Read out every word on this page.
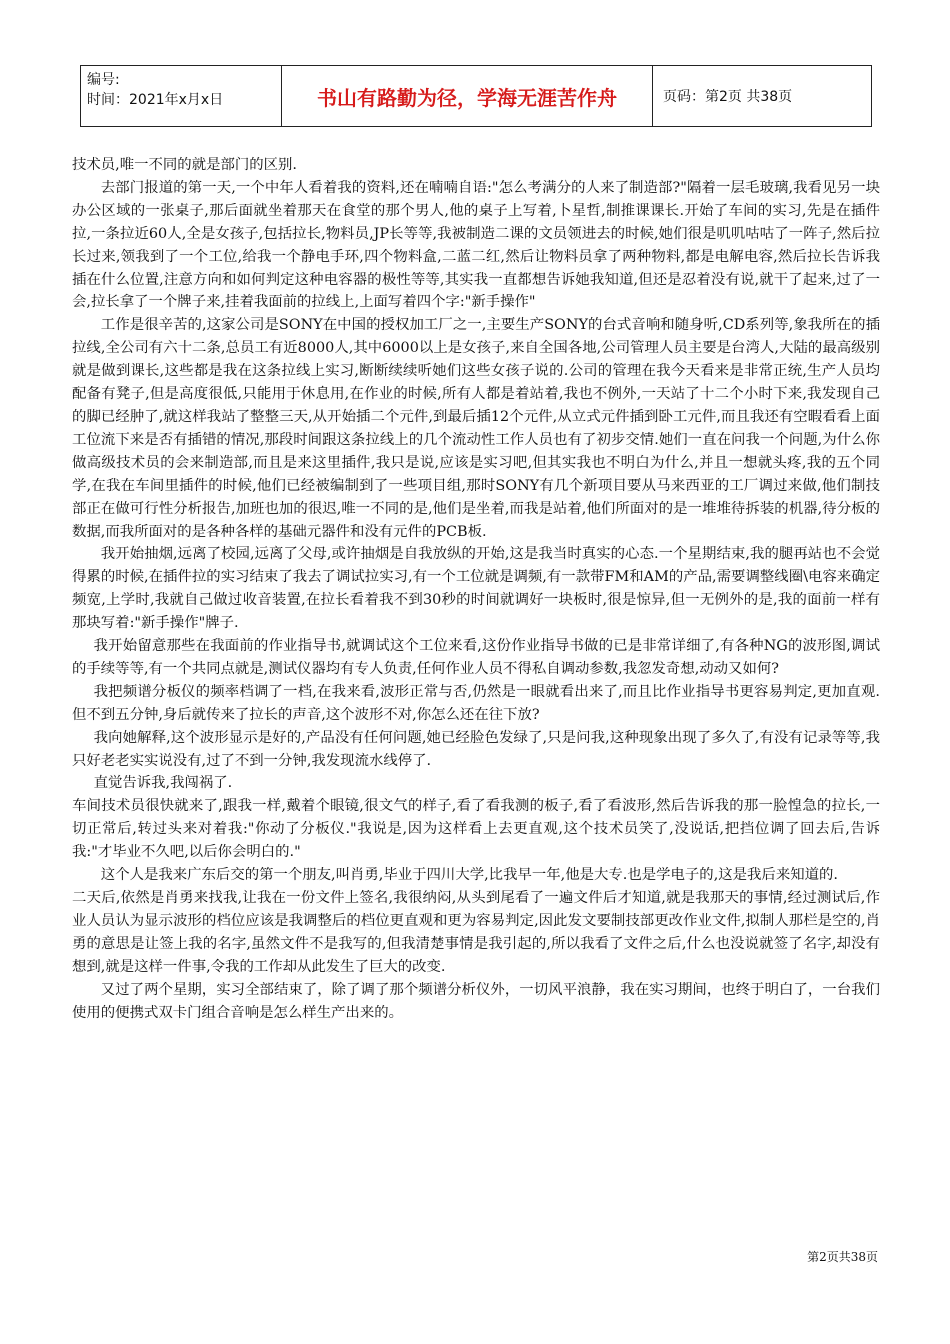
编号:
时间：2021年x月x日	书山有路勤为径，学海无涯苦作舟	页码：第2页 共38页

技术员,唯一不同的就是部门的区别.

去部门报道的第一天,一个中年人看着我的资料,还在喃喃自语:"怎么考满分的人来了制造部?"隔着一层毛玻璃,我看见另一块办公区域的一张桌子,那后面就坐着那天在食堂的那个男人,他的桌子上写着,卜星哲,制推课课长.开始了车间的实习,先是在插件拉,一条拉近60人,全是女孩子,包括拉长,物料员,JP长等等,我被制造二课的文员领进去的时候,她们很是叽叽咕咕了一阵子,然后拉长过来,领我到了一个工位,给我一个静电手环,四个物料盒,二蓝二红,然后让物料员拿了两种物料,都是电解电容,然后拉长告诉我插在什么位置,注意方向和如何判定这种电容器的极性等等,其实我一直都想告诉她我知道,但还是忍着没有说,就干了起来,过了一会,拉长拿了一个牌子来,挂着我面前的拉线上,上面写着四个字:"新手操作"

工作是很辛苦的,这家公司是SONY在中国的授权加工厂之一,主要生产SONY的台式音响和随身听,CD系列等,象我所在的插拉线,全公司有六十二条,总员工有近8000人,其中6000以上是女孩子,来自全国各地,公司管理人员主要是台湾人,大陆的最高级别就是做到课长,这些都是我在这条拉线上实习,断断续续听她们这些女孩子说的.公司的管理在我今天看来是非常正统,生产人员均配备有凳子,但是高度很低,只能用于休息用,在作业的时候,所有人都是着站着,我也不例外,一天站了十二个小时下来,我发现自己的脚已经肿了,就这样我站了整整三天,从开始插二个元件,到最后插12个元件,从立式元件插到卧工元件,而且我还有空暇看看上面工位流下来是否有插错的情况,那段时间跟这条拉线上的几个流动性工作人员也有了初步交情.她们一直在问我一个问题,为什么你做高级技术员的会来制造部,而且是来这里插件,我只是说,应该是实习吧,但其实我也不明白为什么,并且一想就头疼,我的五个同学,在我在车间里插件的时候,他们已经被编制到了一些项目组,那时SONY有几个新项目要从马来西亚的工厂调过来做,他们制技部正在做可行性分析报告,加班也加的很迟,唯一不同的是,他们是坐着,而我是站着,他们所面对的是一堆堆待拆装的机器,待分板的数据,而我所面对的是各种各样的基础元器件和没有元件的PCB板.

我开始抽烟,远离了校园,远离了父母,或许抽烟是自我放纵的开始,这是我当时真实的心态.一个星期结束,我的腿再站也不会觉得累的时候,在插件拉的实习结束了我去了调试拉实习,有一个工位就是调频,有一款带FM和AM的产品,需要调整线圈\电容来确定频宽,上学时,我就自己做过收音装置,在拉长看着我不到30秒的时间就调好一块板时,很是惊异,但一无例外的是,我的面前一样有那块写着:"新手操作"牌子.

我开始留意那些在我面前的作业指导书,就调试这个工位来看,这份作业指导书做的已是非常详细了,有各种NG的波形图,调试的手续等等,有一个共同点就是,测试仪器均有专人负责,任何作业人员不得私自调动参数,我忽发奇想,动动又如何?

我把频谱分板仪的频率档调了一档,在我来看,波形正常与否,仍然是一眼就看出来了,而且比作业指导书更容易判定,更加直观.但不到五分钟,身后就传来了拉长的声音,这个波形不对,你怎么还在往下放?

我向她解释,这个波形显示是好的,产品没有任何问题,她已经脸色发绿了,只是问我,这种现象出现了多久了,有没有记录等等,我只好老老实实说没有,过了不到一分钟,我发现流水线停了.

直觉告诉我,我闯祸了.

车间技术员很快就来了,跟我一样,戴着个眼镜,很文气的样子,看了看我测的板子,看了看波形,然后告诉我的那一脸惶急的拉长,一切正常后,转过头来对着我:"你动了分板仪."我说是,因为这样看上去更直观,这个技术员笑了,没说话,把挡位调了回去后,告诉我:"才毕业不久吧,以后你会明白的."

这个人是我来广东后交的第一个朋友,叫肖勇,毕业于四川大学,比我早一年,他是大专.也是学电子的,这是我后来知道的.

二天后,依然是肖勇来找我,让我在一份文件上签名,我很纳闷,从头到尾看了一遍文件后才知道,就是我那天的事情,经过测试后,作业人员认为显示波形的档位应该是我调整后的档位更直观和更为容易判定,因此发文要制技部更改作业文件,拟制人那栏是空的,肖勇的意思是让签上我的名字,虽然文件不是我写的,但我清楚事情是我引起的,所以我看了文件之后,什么也没说就签了名字,却没有想到,就是这样一件事,令我的工作却从此发生了巨大的改变.

又过了两个星期，实习全部结束了，除了调了那个频谱分析仪外，一切风平浪静，我在实习期间，也终于明白了，一台我们使用的便携式双卡门组合音响是怎么样生产出来的。

第2页共38页
